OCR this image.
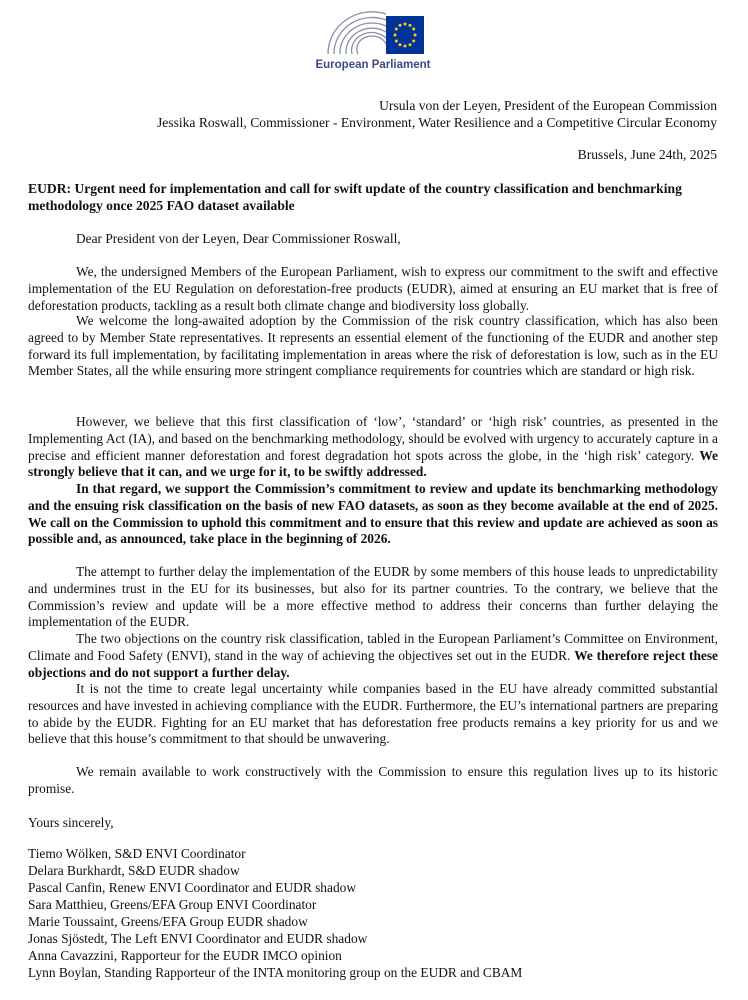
European Parliament
Ursula von der Leyen, President of the European Commission
Jessika Roswall, Commissioner - Environment, Water Resilience and a Competitive Circular Economy
Brussels, June 24th, 2025
EUDR: Urgent need for implementation and call for swift update of the country classification and benchmarking methodology once 2025 FAO dataset available
Dear President von der Leyen, Dear Commissioner Roswall,
We, the undersigned Members of the European Parliament, wish to express our commitment to the swift and effective implementation of the EU Regulation on deforestation-free products (EUDR), aimed at ensuring an EU market that is free of deforestation products, tackling as a result both climate change and biodiversity loss globally.
We welcome the long-awaited adoption by the Commission of the risk country classification, which has also been agreed to by Member State representatives. It represents an essential element of the functioning of the EUDR and another step forward its full implementation, by facilitating implementation in areas where the risk of deforestation is low, such as in the EU Member States, all the while ensuring more stringent compliance requirements for countries which are standard or high risk.
However, we believe that this first classification of ‘low’, ‘standard’ or ‘high risk’ countries, as presented in the Implementing Act (IA), and based on the benchmarking methodology, should be evolved with urgency to accurately capture in a precise and efficient manner deforestation and forest degradation hot spots across the globe, in the ‘high risk’ category. We strongly believe that it can, and we urge for it, to be swiftly addressed.
In that regard, we support the Commission’s commitment to review and update its benchmarking methodology and the ensuing risk classification on the basis of new FAO datasets, as soon as they become available at the end of 2025. We call on the Commission to uphold this commitment and to ensure that this review and update are achieved as soon as possible and, as announced, take place in the beginning of 2026.
The attempt to further delay the implementation of the EUDR by some members of this house leads to unpredictability and undermines trust in the EU for its businesses, but also for its partner countries. To the contrary, we believe that the Commission’s review and update will be a more effective method to address their concerns than further delaying the implementation of the EUDR.
The two objections on the country risk classification, tabled in the European Parliament’s Committee on Environment, Climate and Food Safety (ENVI), stand in the way of achieving the objectives set out in the EUDR. We therefore reject these objections and do not support a further delay.
It is not the time to create legal uncertainty while companies based in the EU have already committed substantial resources and have invested in achieving compliance with the EUDR. Furthermore, the EU’s international partners are preparing to abide by the EUDR. Fighting for an EU market that has deforestation free products remains a key priority for us and we believe that this house’s commitment to that should be unwavering.
We remain available to work constructively with the Commission to ensure this regulation lives up to its historic promise.
Yours sincerely,
Tiemo Wölken, S&D ENVI Coordinator
Delara Burkhardt, S&D EUDR shadow
Pascal Canfin, Renew ENVI Coordinator and EUDR shadow
Sara Matthieu, Greens/EFA Group ENVI Coordinator
Marie Toussaint, Greens/EFA Group EUDR shadow
Jonas Sjöstedt, The Left ENVI Coordinator and EUDR shadow
Anna Cavazzini, Rapporteur for the EUDR IMCO opinion
Lynn Boylan, Standing Rapporteur of the INTA monitoring group on the EUDR and CBAM
